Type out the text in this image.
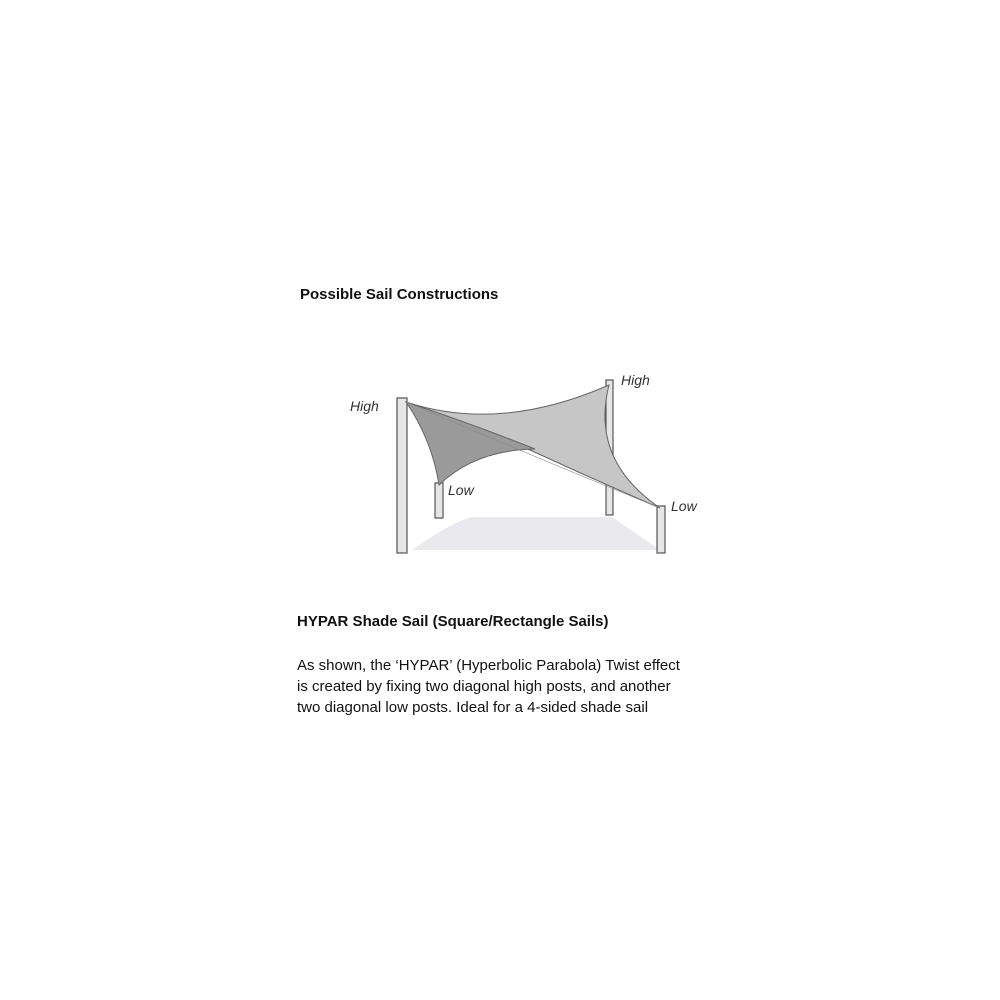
Possible Sail Constructions
High
High
Low
Low
HYPAR Shade Sail (Square/Rectangle Sails)
As shown, the ‘HYPAR’ (Hyperbolic Parabola) Twist effect
is created by fixing two diagonal high posts, and another
two diagonal low posts. Ideal for a 4-sided shade sail
